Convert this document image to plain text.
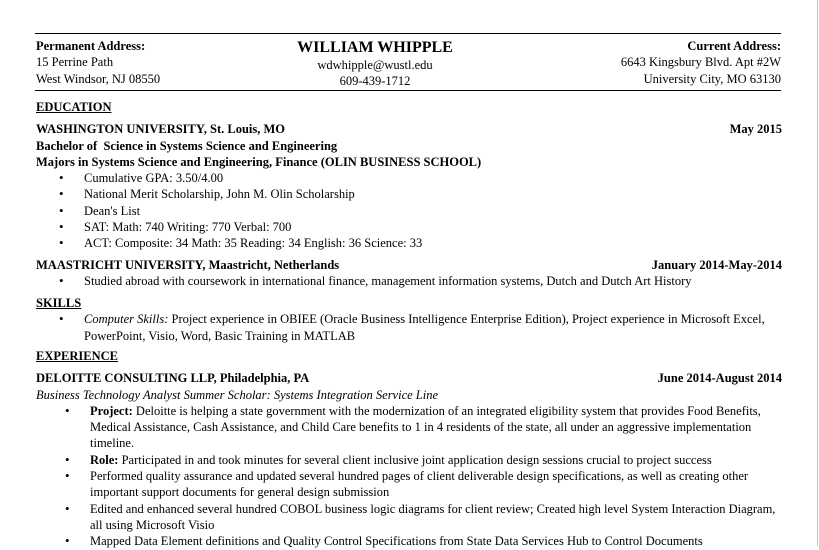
Permanent Address:
15 Perrine Path
West Windsor, NJ 08550
WILLIAM WHIPPLE
wdwhipple@wustl.edu
609-439-1712
Current Address:
6643 Kingsbury Blvd. Apt #2W
University City, MO 63130
EDUCATION
WASHINGTON UNIVERSITY, St. Louis, MO	May 2015
Bachelor of  Science in Systems Science and Engineering
Majors in Systems Science and Engineering, Finance (OLIN BUSINESS SCHOOL)
• Cumulative GPA: 3.50/4.00
• National Merit Scholarship, John M. Olin Scholarship
• Dean's List
• SAT: Math: 740 Writing: 770 Verbal: 700
• ACT: Composite: 34 Math: 35 Reading: 34 English: 36 Science: 33
MAASTRICHT UNIVERSITY, Maastricht, Netherlands	January 2014-May-2014
• Studied abroad with coursework in international finance, management information systems, Dutch and Dutch Art History
SKILLS
• Computer Skills: Project experience in OBIEE (Oracle Business Intelligence Enterprise Edition), Project experience in Microsoft Excel, PowerPoint, Visio, Word, Basic Training in MATLAB
EXPERIENCE
DELOITTE CONSULTING LLP, Philadelphia, PA	June 2014-August 2014
Business Technology Analyst Summer Scholar: Systems Integration Service Line
• Project: Deloitte is helping a state government with the modernization of an integrated eligibility system that provides Food Benefits, Medical Assistance, Cash Assistance, and Child Care benefits to 1 in 4 residents of the state, all under an aggressive implementation timeline.
• Role: Participated in and took minutes for several client inclusive joint application design sessions crucial to project success
• Performed quality assurance and updated several hundred pages of client deliverable design specifications, as well as creating other important support documents for general design submission
• Edited and enhanced several hundred COBOL business logic diagrams for client review; Created high level System Interaction Diagram, all using Microsoft Visio
• Mapped Data Element definitions and Quality Control Specifications from State Data Services Hub to Control Documents
